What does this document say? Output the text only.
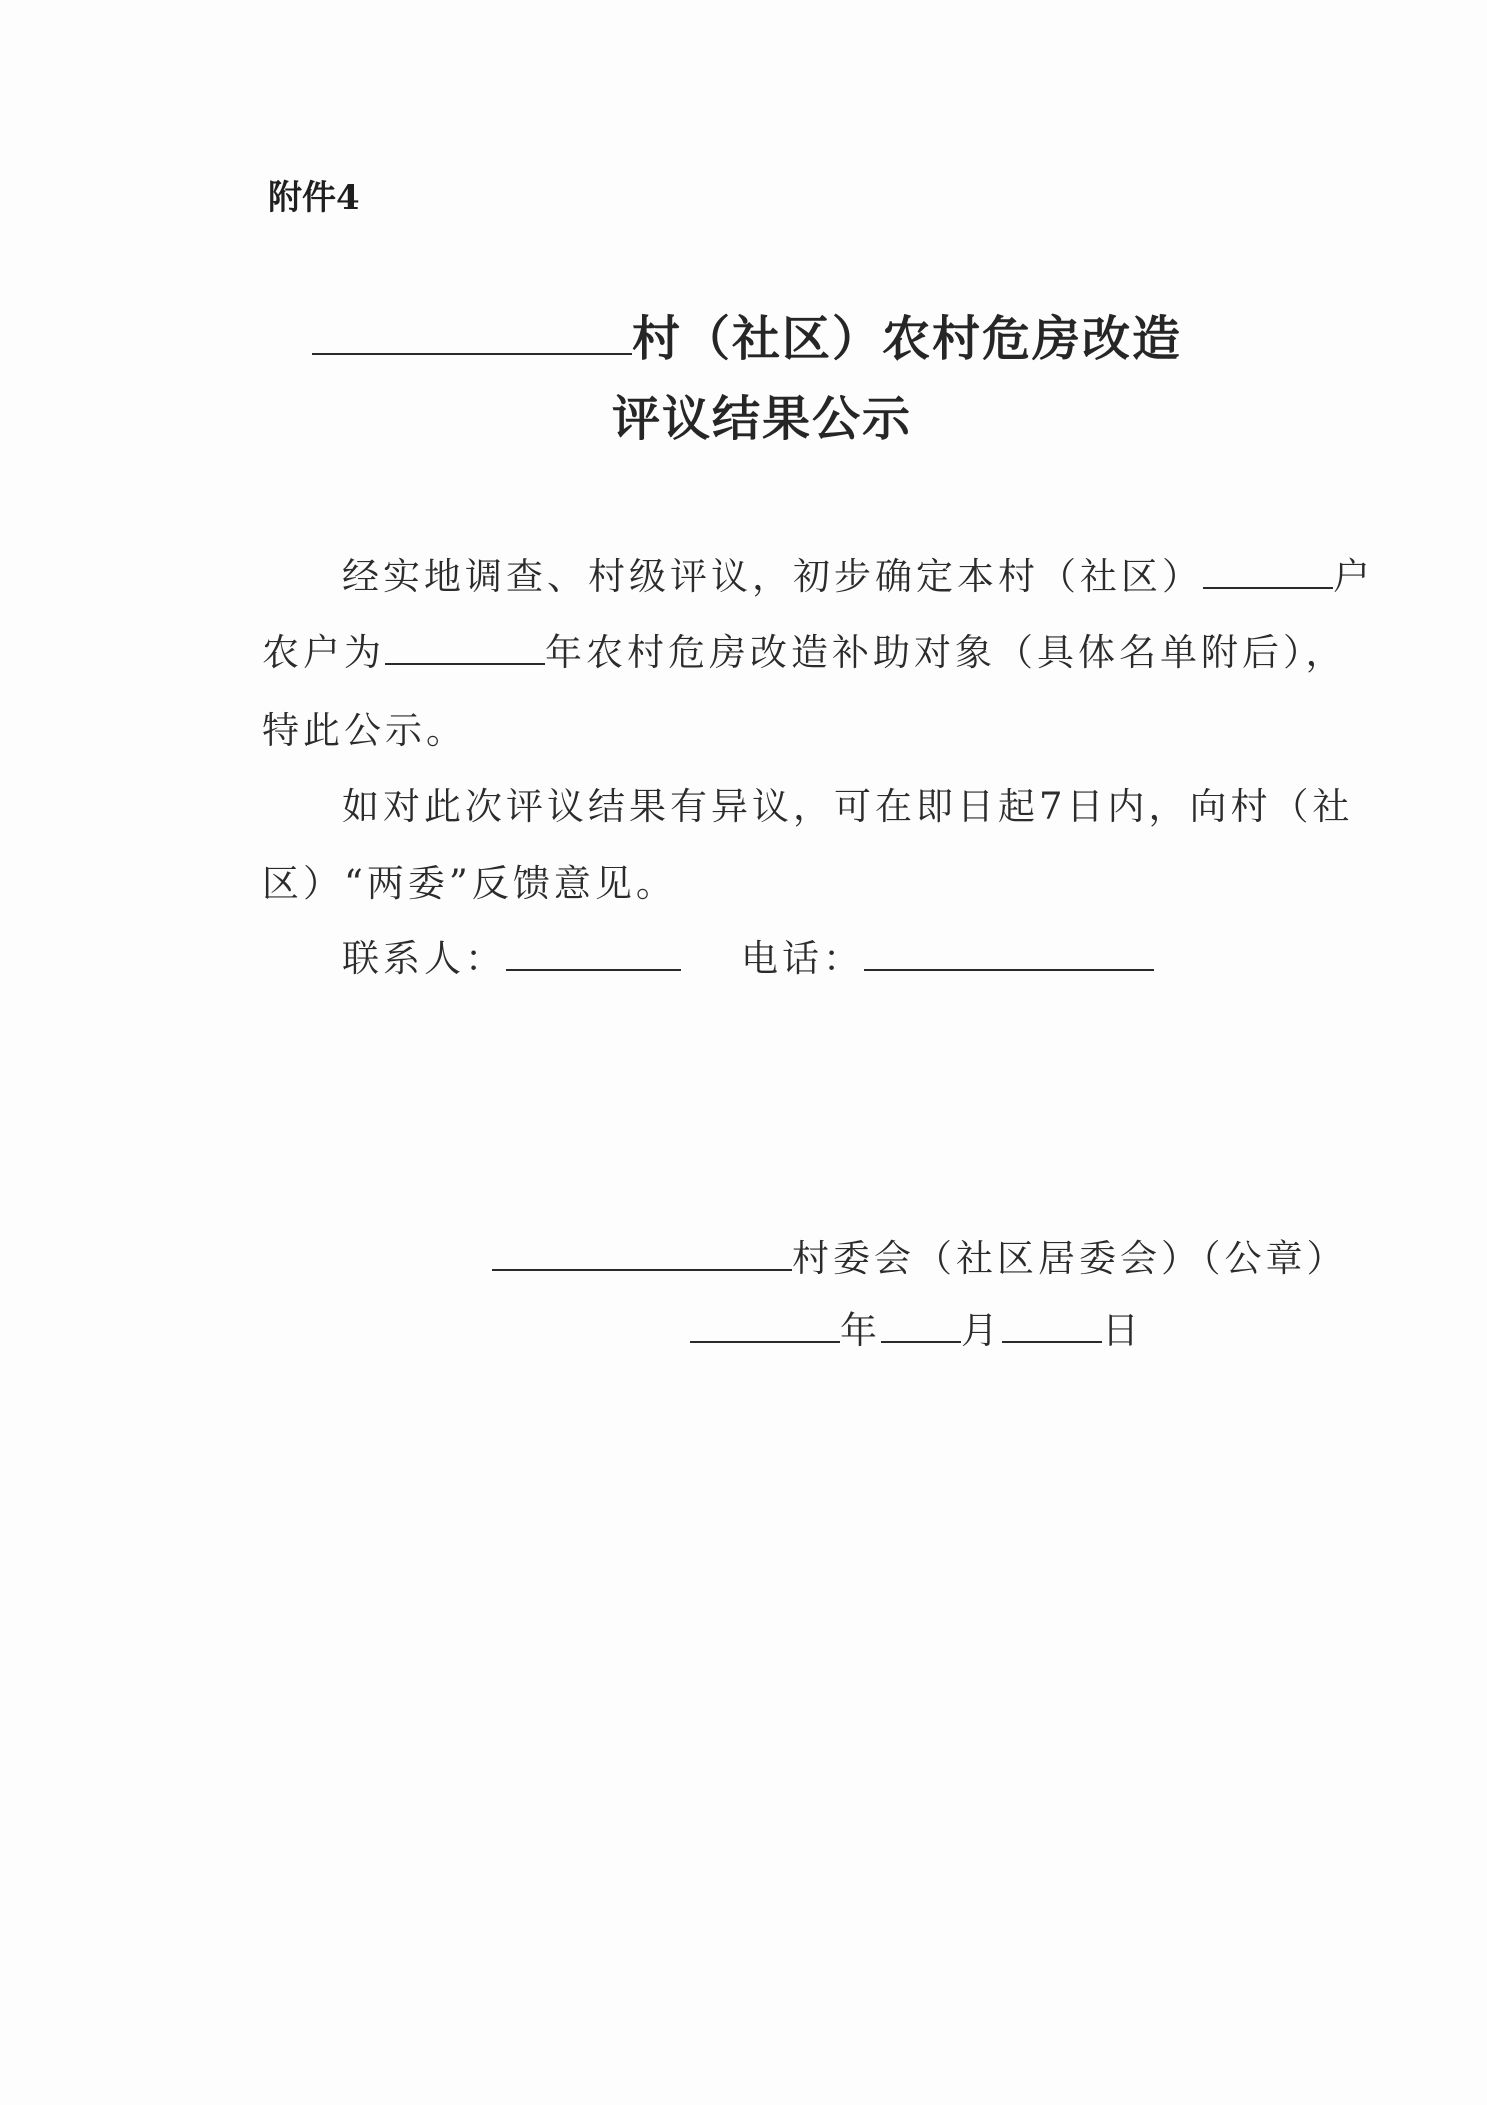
附件4
村（社区）农村危房改造
评议结果公示
经实地调查、村级评议，初步确定本村（社区）	户
农户为	年农村危房改造补助对象（具体名单附后），
特此公示。
如对此次评议结果有异议，可在即日起7日内，向村（社
区）“两委”反馈意见。
联系人：	电话：
村委会（社区居委会）（公章）
年 月	日
